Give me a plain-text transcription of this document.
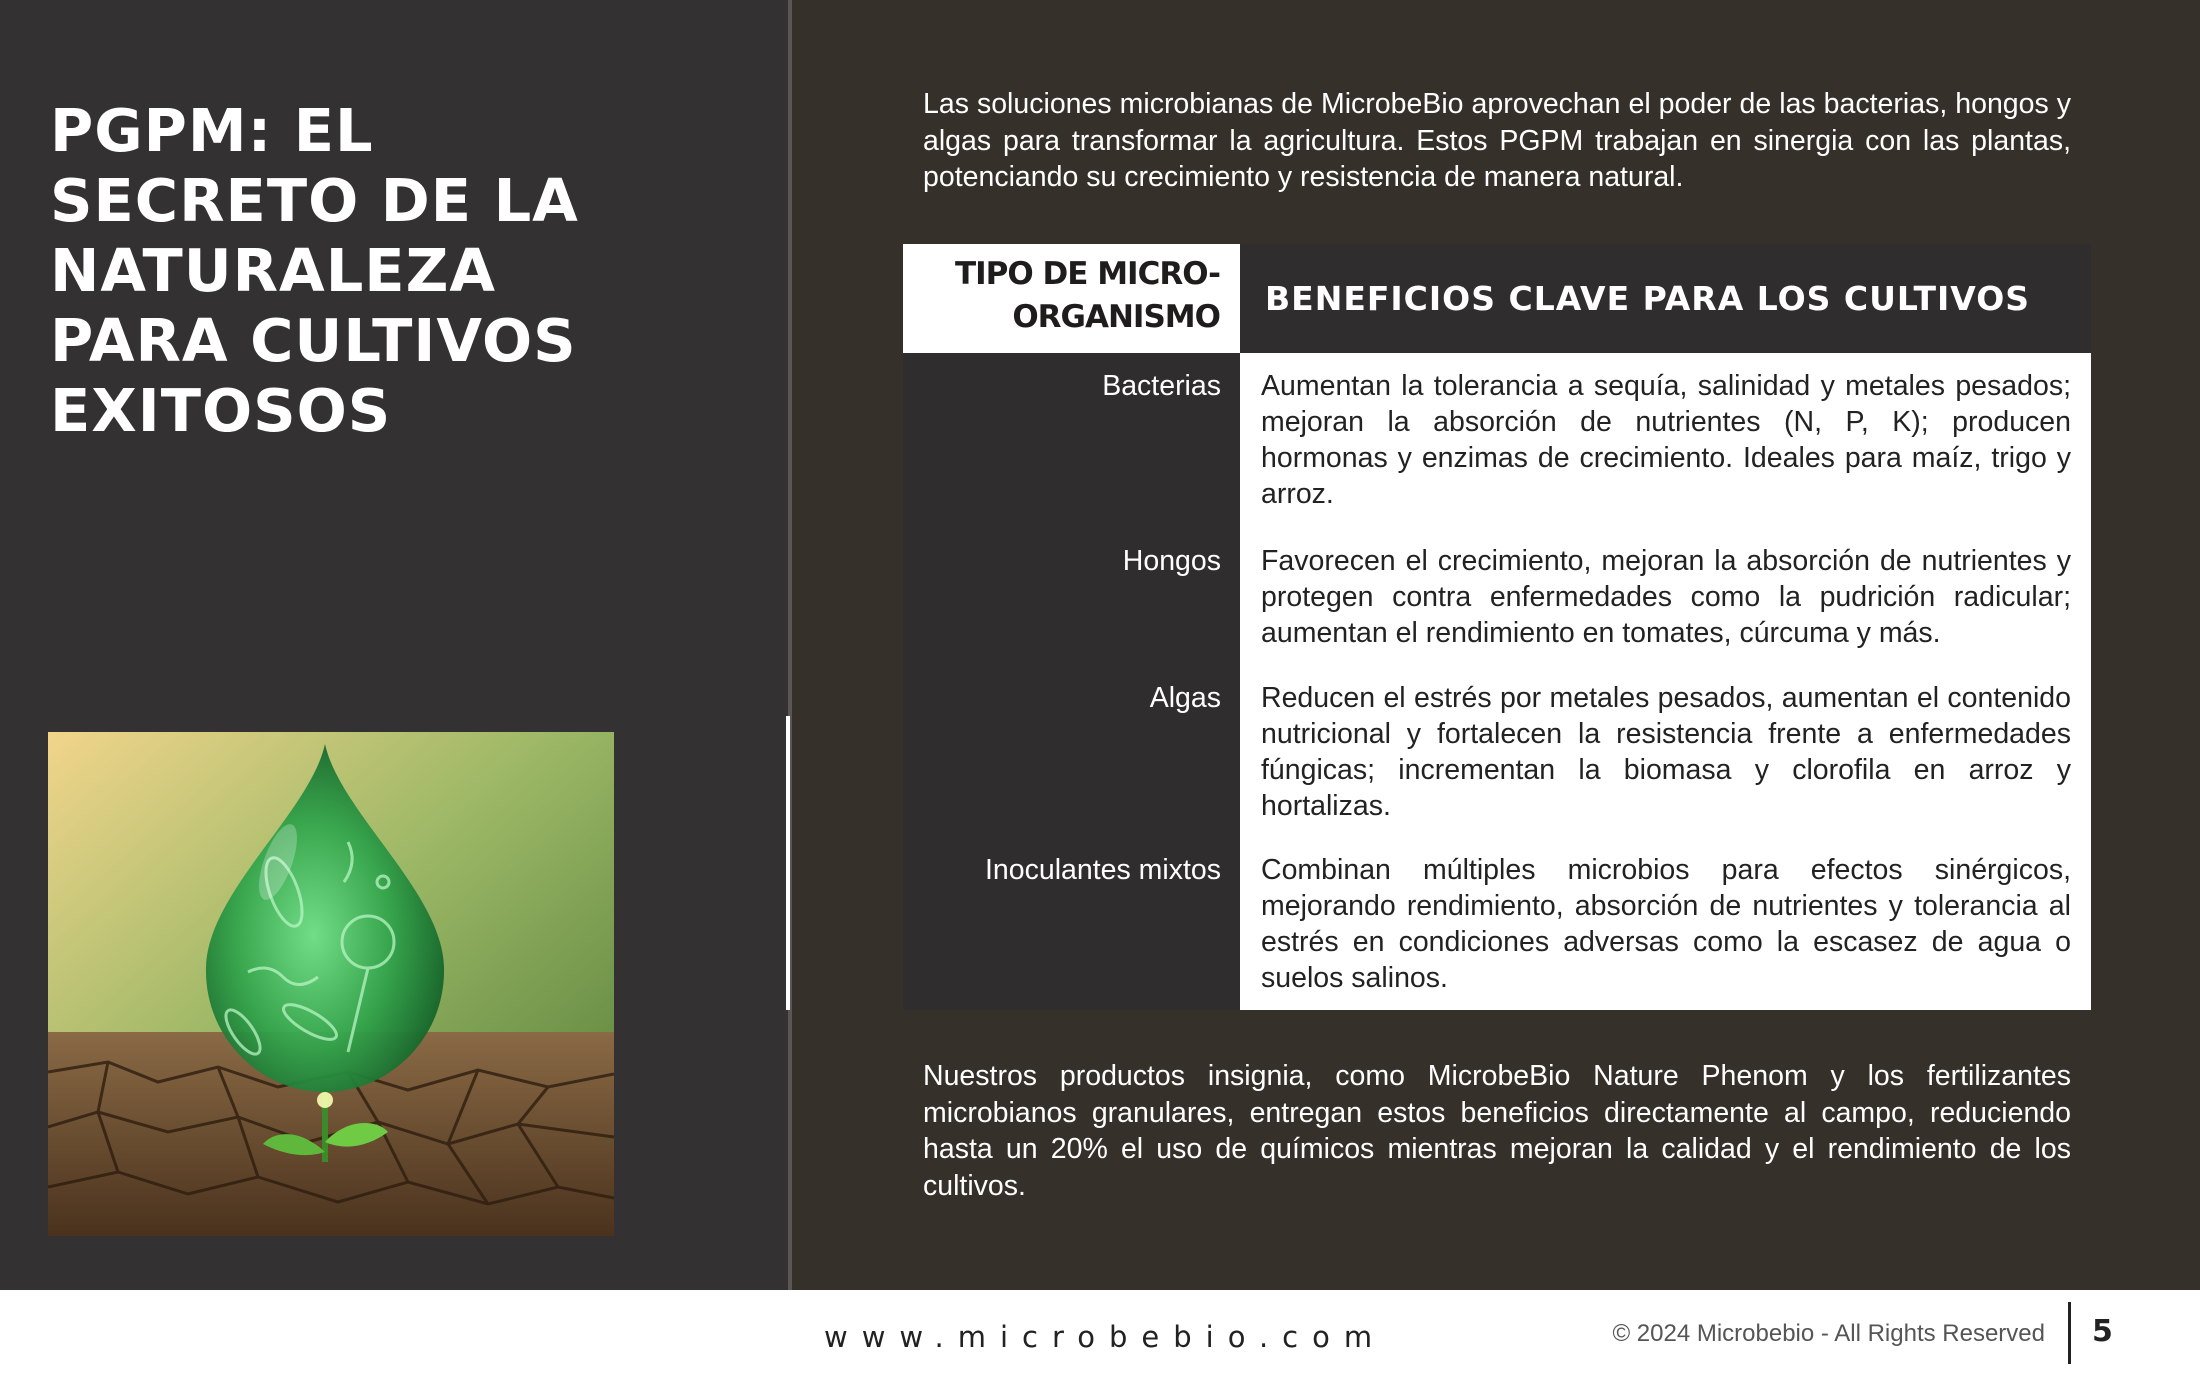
PGPM: EL SECRETO DE LA NATURALEZA PARA CULTIVOS EXITOSOS

Las soluciones microbianas de MicrobeBio aprovechan el poder de las bacterias, hongos y algas para transformar la agricultura. Estos PGPM trabajan en sinergia con las plantas, potenciando su crecimiento y resistencia de manera natural.

TIPO DE MICRO-ORGANISMO	BENEFICIOS CLAVE PARA LOS CULTIVOS
Bacterias Aumentan la tolerancia a sequía, salinidad y metales pesados; mejoran la absorción de nutrientes (N, P, K); producen hormonas y enzimas de crecimiento. Ideales para maíz, trigo y arroz.
Hongos Favorecen el crecimiento, mejoran la absorción de nutrientes y protegen contra enfermedades como la pudrición radicular; aumentan el rendimiento en tomates, cúrcuma y más.
Algas Reducen el estrés por metales pesados, aumentan el contenido nutricional y fortalecen la resistencia frente a enfermedades fúngicas; incrementan la biomasa y clorofila en arroz y hortalizas.
Inoculantes mixtos Combinan múltiples microbios para efectos sinérgicos, mejorando rendimiento, absorción de nutrientes y tolerancia al estrés en condiciones adversas como la escasez de agua o suelos salinos.

Nuestros productos insignia, como MicrobeBio Nature Phenom y los fertilizantes microbianos granulares, entregan estos beneficios directamente al campo, reduciendo hasta un 20% el uso de químicos mientras mejoran la calidad y el rendimiento de los cultivos.

www.microbebio.com	© 2024 Microbebio - All Rights Reserved 5
